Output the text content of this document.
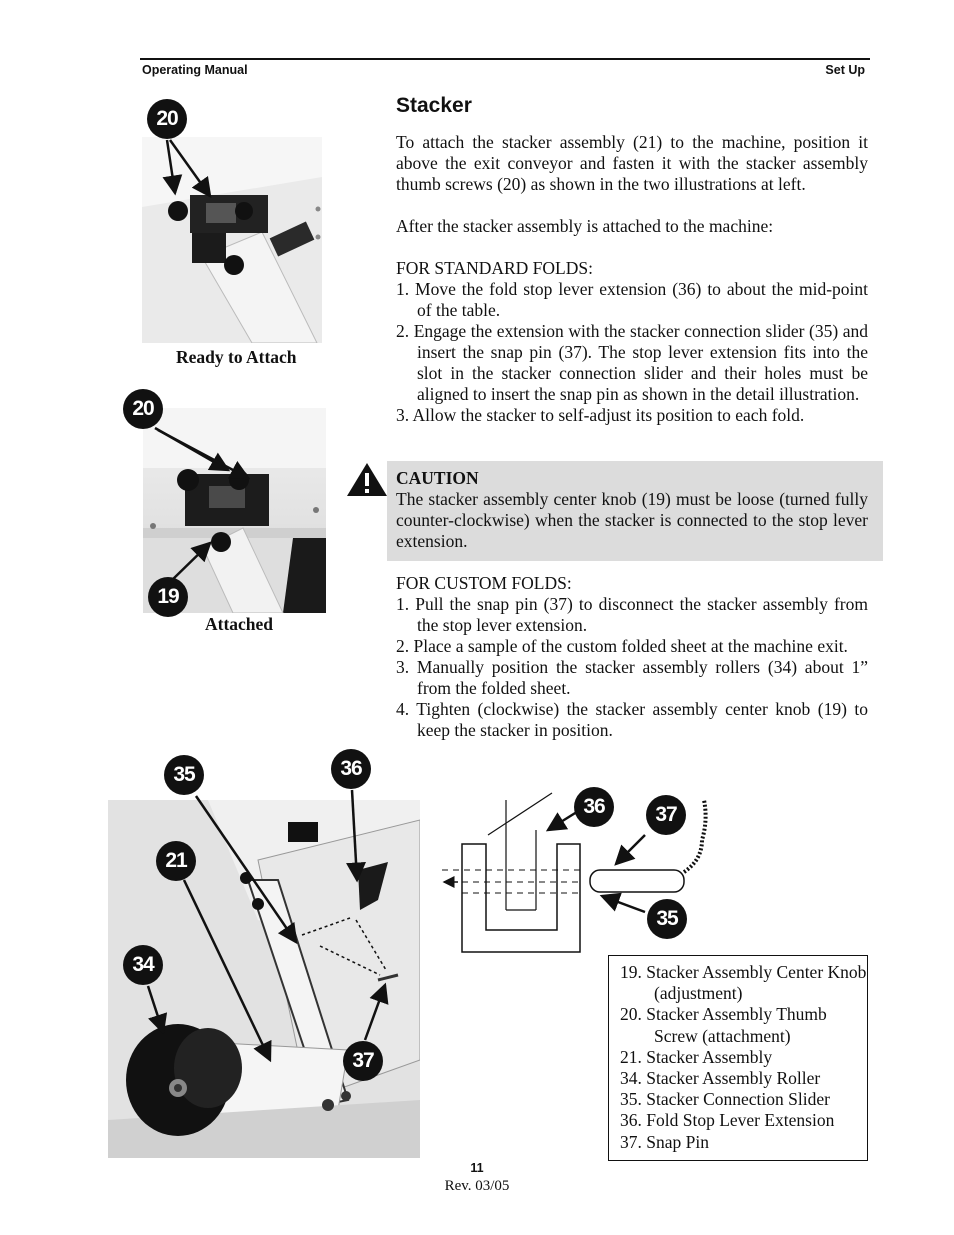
Operating Manual	Set Up
Stacker
To attach the stacker assembly (21) to the machine, position it above the exit conveyor and fasten it with the stacker assembly thumb screws (20) as shown in the two illustrations at left.
After the stacker assembly is attached to the machine:
FOR STANDARD FOLDS:
1. Move the fold stop lever extension (36) to about the mid-point of the table.
2. Engage the extension with the stacker connection slider (35) and insert the snap pin (37). The stop lever extension fits into the slot in the stacker connection slider and their holes must be aligned to insert the snap pin as shown in the detail illustration.
3. Allow the stacker to self-adjust its position to each fold.
CAUTION
The stacker assembly center knob (19) must be loose (turned fully counter-clockwise) when the stacker is connected to the stop lever extension.
FOR CUSTOM FOLDS:
1. Pull the snap pin (37) to disconnect the stacker assembly from the stop lever extension.
2. Place a sample of the custom folded sheet at the machine exit.
3. Manually position the stacker assembly rollers (34) about 1” from the folded sheet.
4. Tighten (clockwise) the stacker assembly center knob (19) to keep the stacker in position.
Ready to Attach
Attached
20
20
19
35	36
21
34
37
36	37
35
19. Stacker Assembly Center Knob (adjustment)
20. Stacker Assembly Thumb Screw (attachment)
21. Stacker Assembly
34. Stacker Assembly Roller
35. Stacker Connection Slider
36. Fold Stop Lever Extension
37. Snap Pin
11
Rev. 03/05
